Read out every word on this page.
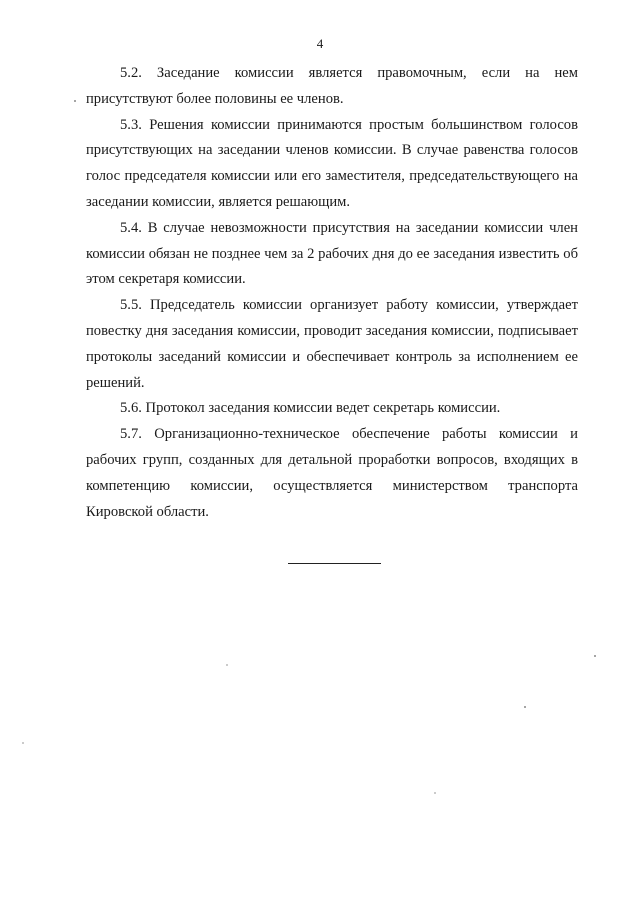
4

5.2. Заседание комиссии является правомочным, если на нем присутствуют более половины ее членов.

5.3. Решения комиссии принимаются простым большинством голосов присутствующих на заседании членов комиссии. В случае равенства голосов голос председателя комиссии или его заместителя, председательствующего на заседании комиссии, является решающим.

5.4. В случае невозможности присутствия на заседании комиссии член комиссии обязан не позднее чем за 2 рабочих дня до ее заседания известить об этом секретаря комиссии.

5.5. Председатель комиссии организует работу комиссии, утверждает повестку дня заседания комиссии, проводит заседания комиссии, подписывает протоколы заседаний комиссии и обеспечивает контроль за исполнением ее решений.

5.6. Протокол заседания комиссии ведет секретарь комиссии.

5.7. Организационно-техническое обеспечение работы комиссии и рабочих групп, созданных для детальной проработки вопросов, входящих в компетенцию комиссии, осуществляется министерством транспорта Кировской области.
